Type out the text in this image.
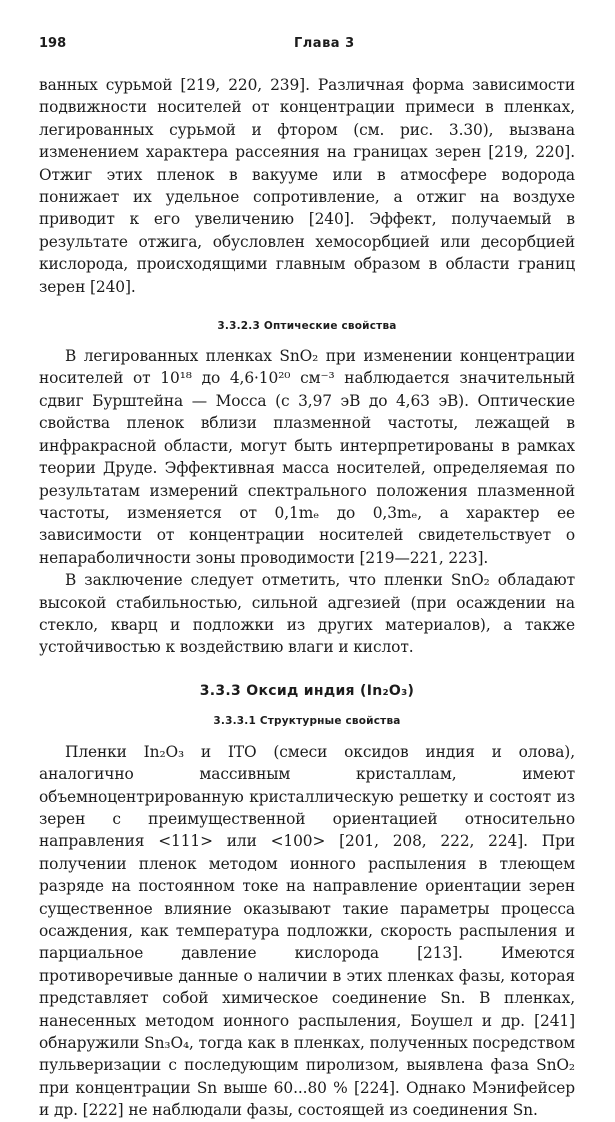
198	Глава 3

ванных сурьмой [219, 220, 239]. Различная форма зависимости подвижности носителей от концентрации примеси в пленках, легированных сурьмой и фтором (см. рис. 3.30), вызвана изменением характера рассеяния на границах зерен [219, 220]. Отжиг этих пленок в вакууме или в атмосфере водорода понижает их удельное сопротивление, а отжиг на воздухе приводит к его увеличению [240]. Эффект, получаемый в результате отжига, обусловлен хемосорбцией или десорбцией кислорода, происходящими главным образом в области границ зерен [240].

3.3.2.3 Оптические свойства

В легированных пленках SnO₂ при изменении концентрации носителей от 10¹⁸ до 4,6·10²⁰ см⁻³ наблюдается значительный сдвиг Бурштейна — Мосса (с 3,97 эВ до 4,63 эВ). Оптические свойства пленок вблизи плазменной частоты, лежащей в инфракрасной области, могут быть интерпретированы в рамках теории Друде. Эффективная масса носителей, определяемая по результатам измерений спектрального положения плазменной частоты, изменяется от 0,1mₑ до 0,3mₑ, а характер ее зависимости от концентрации носителей свидетельствует о непараболичности зоны проводимости [219—221, 223].

В заключение следует отметить, что пленки SnO₂ обладают высокой стабильностью, сильной адгезией (при осаждении на стекло, кварц и подложки из других материалов), а также устойчивостью к воздействию влаги и кислот.

3.3.3 Оксид индия (In₂O₃)
3.3.3.1 Структурные свойства

Пленки In₂O₃ и ITO (смеси оксидов индия и олова), аналогично массивным кристаллам, имеют объемноцентрированную кристаллическую решетку и состоят из зерен с преимущественной ориентацией относительно направления <111> или <100> [201, 208, 222, 224]. При получении пленок методом ионного распыления в тлеющем разряде на постоянном токе на направление ориентации зерен существенное влияние оказывают такие параметры процесса осаждения, как температура подложки, скорость распыления и парциальное давление кислорода [213]. Имеются противоречивые данные о наличии в этих пленках фазы, которая представляет собой химическое соединение Sn. В пленках, нанесенных методом ионного распыления, Боушел и др. [241] обнаружили Sn₃O₄, тогда как в пленках, полученных посредством пульверизации с последующим пиролизом, выявлена фаза SnO₂ при концентрации Sn выше 60...80 % [224]. Однако Мэнифейсер и др. [222] не наблюдали фазы, состоящей из соединения Sn.
